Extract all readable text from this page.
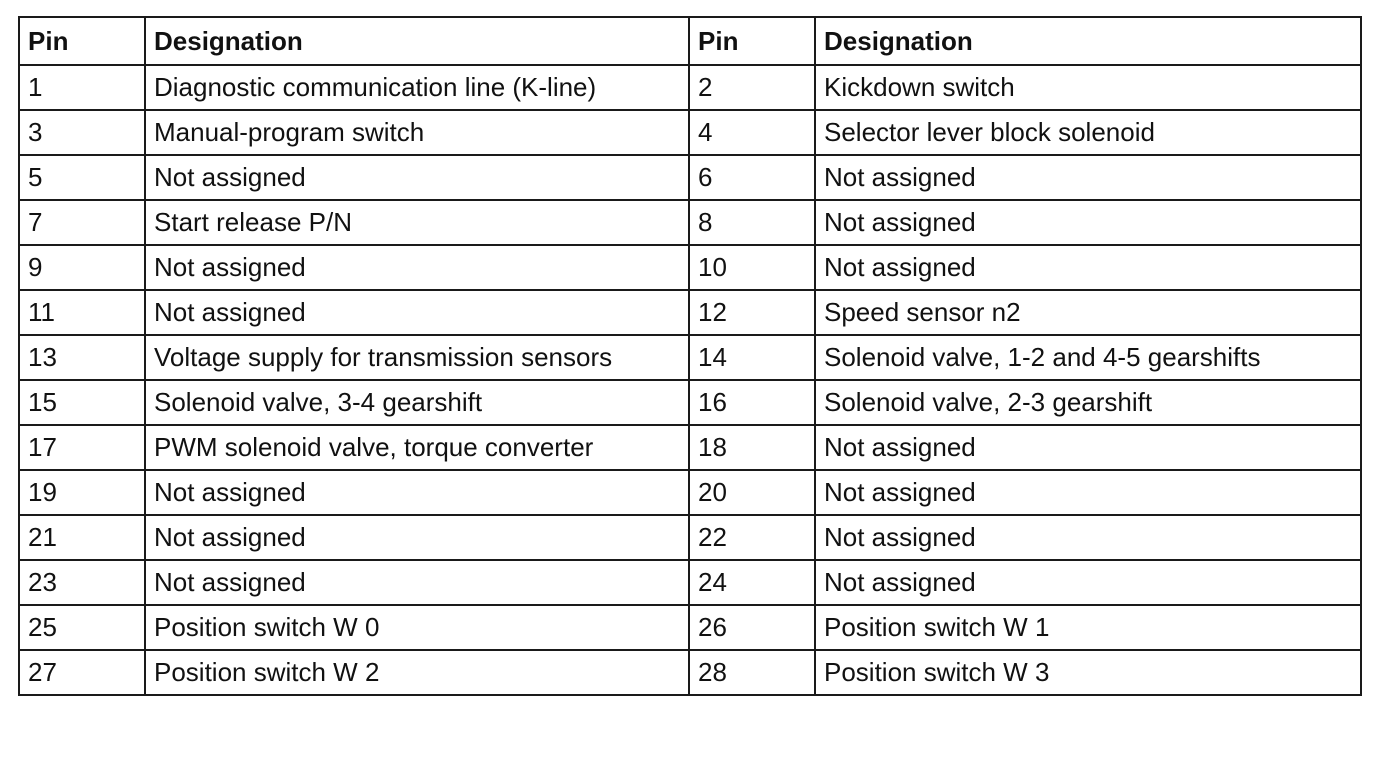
Pin	Designation	Pin	Designation
1	Diagnostic communication line (K-line)	2	Kickdown switch
3	Manual-program switch	4	Selector lever block solenoid
5	Not assigned	6	Not assigned
7	Start release P/N	8	Not assigned
9	Not assigned	10	Not assigned
11	Not assigned	12	Speed sensor n2
13	Voltage supply for transmission sensors	14	Solenoid valve, 1-2 and 4-5 gearshifts
15	Solenoid valve, 3-4 gearshift	16	Solenoid valve, 2-3 gearshift
17	PWM solenoid valve, torque converter	18	Not assigned
19	Not assigned	20	Not assigned
21	Not assigned	22	Not assigned
23	Not assigned	24	Not assigned
25	Position switch W 0	26	Position switch W 1
27	Position switch W 2	28	Position switch W 3
